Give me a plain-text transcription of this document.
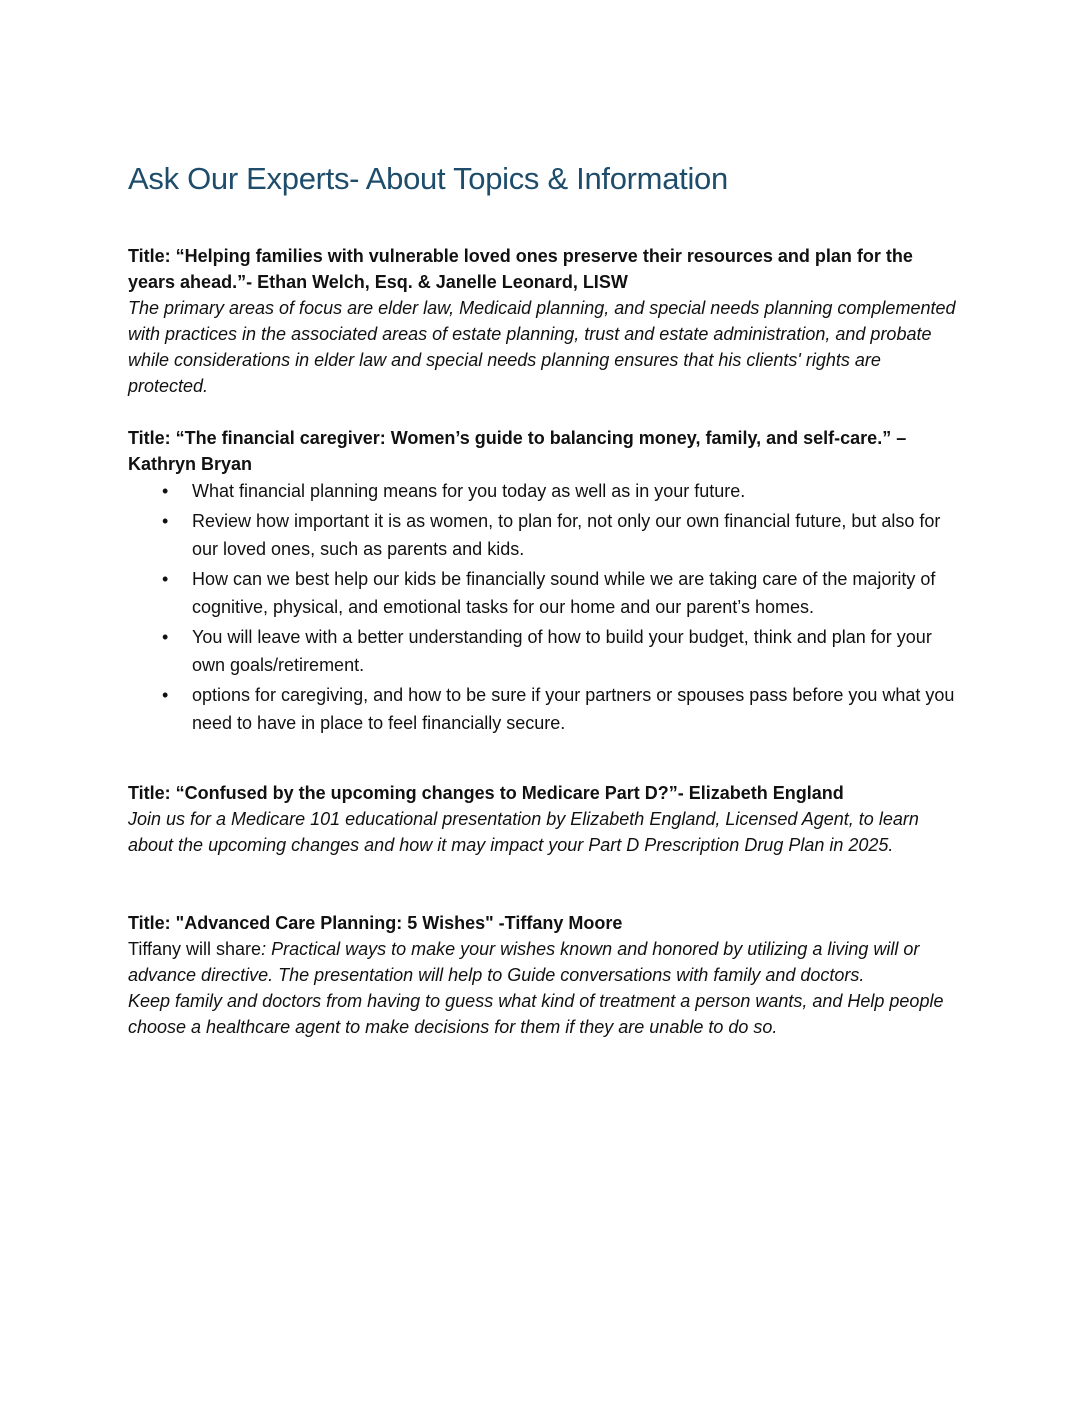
Ask Our Experts- About Topics & Information

Title: “Helping families with vulnerable loved ones preserve their resources and plan for the years ahead.”- Ethan Welch, Esq. & Janelle Leonard, LISW

The primary areas of focus are elder law, Medicaid planning, and special needs planning complemented with practices in the associated areas of estate planning, trust and estate administration, and probate while considerations in elder law and special needs planning ensures that his clients' rights are protected.

Title: “The financial caregiver: Women’s guide to balancing money, family, and self-care.” – Kathryn Bryan

• What financial planning means for you today as well as in your future.
• Review how important it is as women, to plan for, not only our own financial future, but also for our loved ones, such as parents and kids.
• How can we best help our kids be financially sound while we are taking care of the majority of cognitive, physical, and emotional tasks for our home and our parent’s homes.
• You will leave with a better understanding of how to build your budget, think and plan for your own goals/retirement.
• options for caregiving, and how to be sure if your partners or spouses pass before you what you need to have in place to feel financially secure.

Title: “Confused by the upcoming changes to Medicare Part D?”- Elizabeth England

Join us for a Medicare 101 educational presentation by Elizabeth England, Licensed Agent, to learn about the upcoming changes and how it may impact your Part D Prescription Drug Plan in 2025.

Title: "Advanced Care Planning: 5 Wishes" -Tiffany Moore

Tiffany will share: Practical ways to make your wishes known and honored by utilizing a living will or advance directive. The presentation will help to Guide conversations with family and doctors.

Keep family and doctors from having to guess what kind of treatment a person wants, and Help people choose a healthcare agent to make decisions for them if they are unable to do so.
